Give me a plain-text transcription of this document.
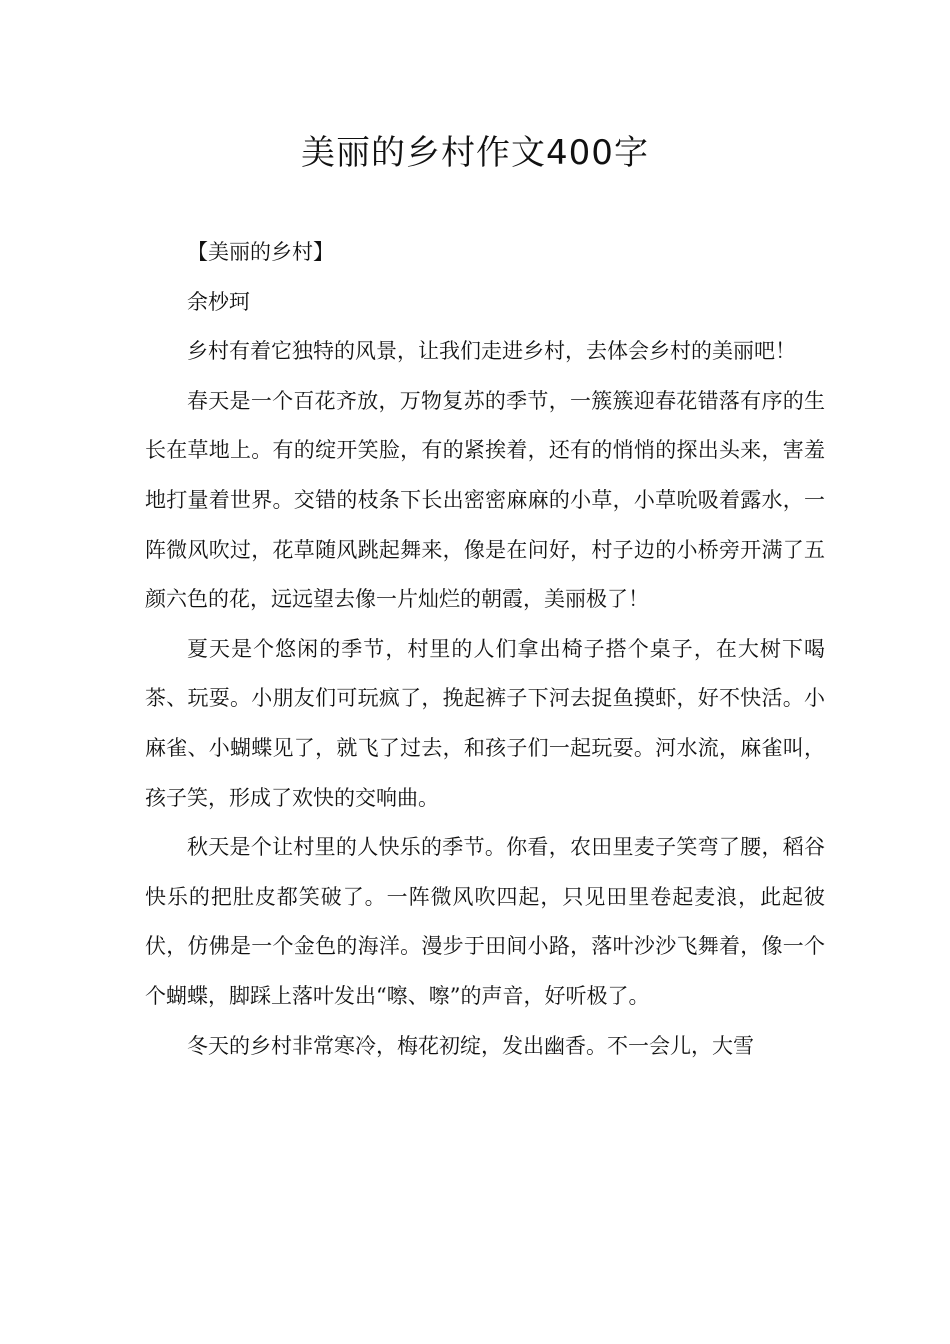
美丽的乡村作文400字

【美丽的乡村】

余杪珂

乡村有着它独特的风景，让我们走进乡村，去体会乡村的美丽吧！

春天是一个百花齐放，万物复苏的季节，一簇簇迎春花错落有序的生长在草地上。有的绽开笑脸，有的紧挨着，还有的悄悄的探出头来，害羞地打量着世界。交错的枝条下长出密密麻麻的小草，小草吮吸着露水，一阵微风吹过，花草随风跳起舞来，像是在问好，村子边的小桥旁开满了五颜六色的花，远远望去像一片灿烂的朝霞，美丽极了！

夏天是个悠闲的季节，村里的人们拿出椅子搭个桌子，在大树下喝茶、玩耍。小朋友们可玩疯了，挽起裤子下河去捉鱼摸虾，好不快活。小麻雀、小蝴蝶见了，就飞了过去，和孩子们一起玩耍。河水流，麻雀叫，孩子笑，形成了欢快的交响曲。

秋天是个让村里的人快乐的季节。你看，农田里麦子笑弯了腰，稻谷快乐的把肚皮都笑破了。一阵微风吹四起，只见田里卷起麦浪，此起彼伏，仿佛是一个金色的海洋。漫步于田间小路，落叶沙沙飞舞着，像一个个蝴蝶，脚踩上落叶发出“嚓、嚓”的声音，好听极了。

冬天的乡村非常寒冷，梅花初绽，发出幽香。不一会儿，大雪
